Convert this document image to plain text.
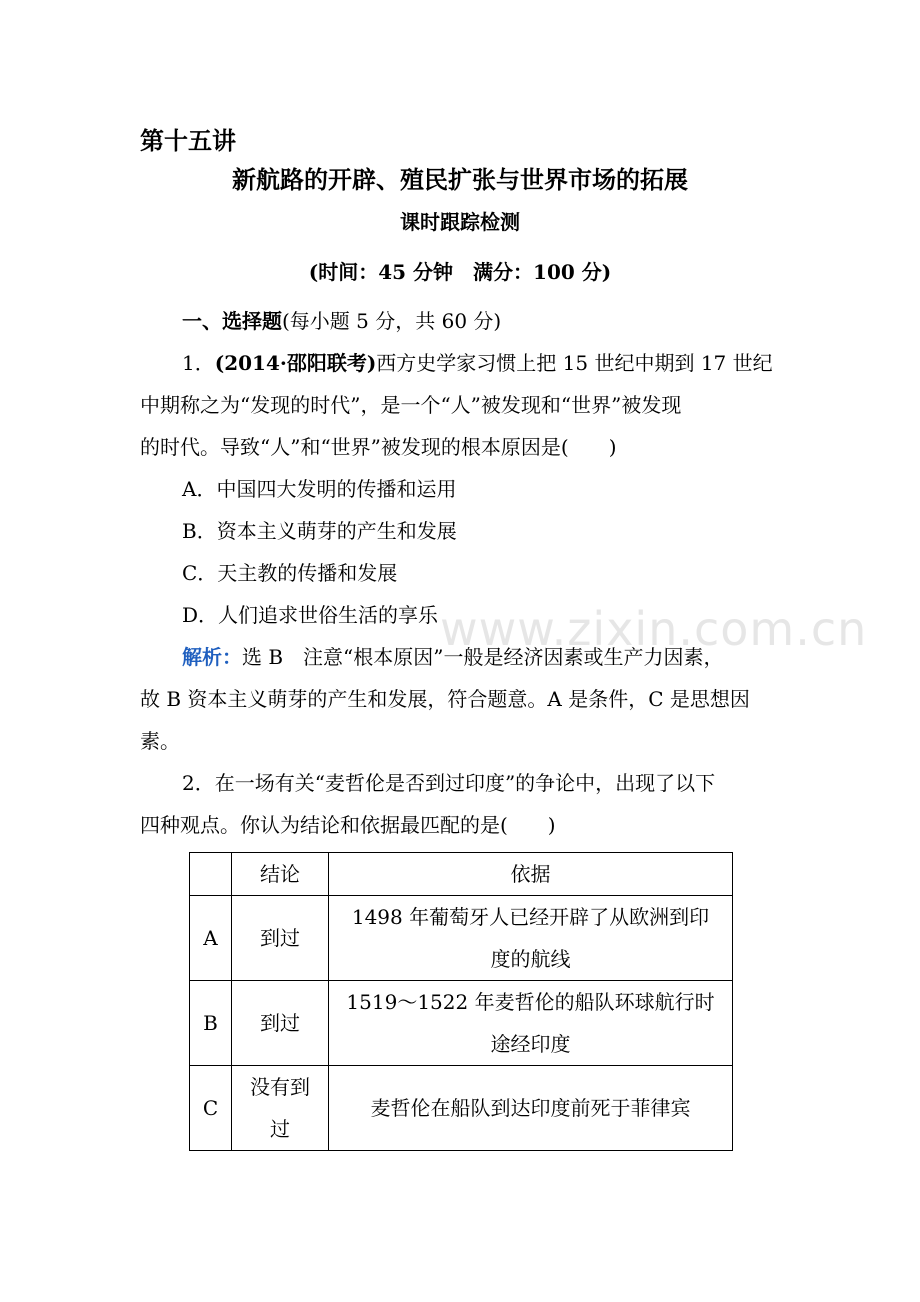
www.zixin.com.cn
第十五讲
新航路的开辟、殖民扩张与世界市场的拓展
课时跟踪检测
(时间：45 分钟　满分：100 分)
一、选择题(每小题 5 分，共 60 分)
1．(2014·邵阳联考)西方史学家习惯上把 15 世纪中期到 17 世纪
中期称之为“发现的时代”，是一个“人”被发现和“世界”被发现
的时代。导致“人”和“世界”被发现的根本原因是(　　)
A．中国四大发明的传播和运用
B．资本主义萌芽的产生和发展
C．天主教的传播和发展
D．人们追求世俗生活的享乐
解析：选 B　注意“根本原因”一般是经济因素或生产力因素，
故 B 资本主义萌芽的产生和发展，符合题意。A 是条件，C 是思想因
素。
2．在一场有关“麦哲伦是否到过印度”的争论中，出现了以下
四种观点。你认为结论和依据最匹配的是(　　)
	结论	依据
A	到过	1498 年葡萄牙人已经开辟了从欧洲到印
度的航线

B	到过	1519～1522 年麦哲伦的船队环球航行时
途经印度

C	没有到
过	麦哲伦在船队到达印度前死于菲律宾
